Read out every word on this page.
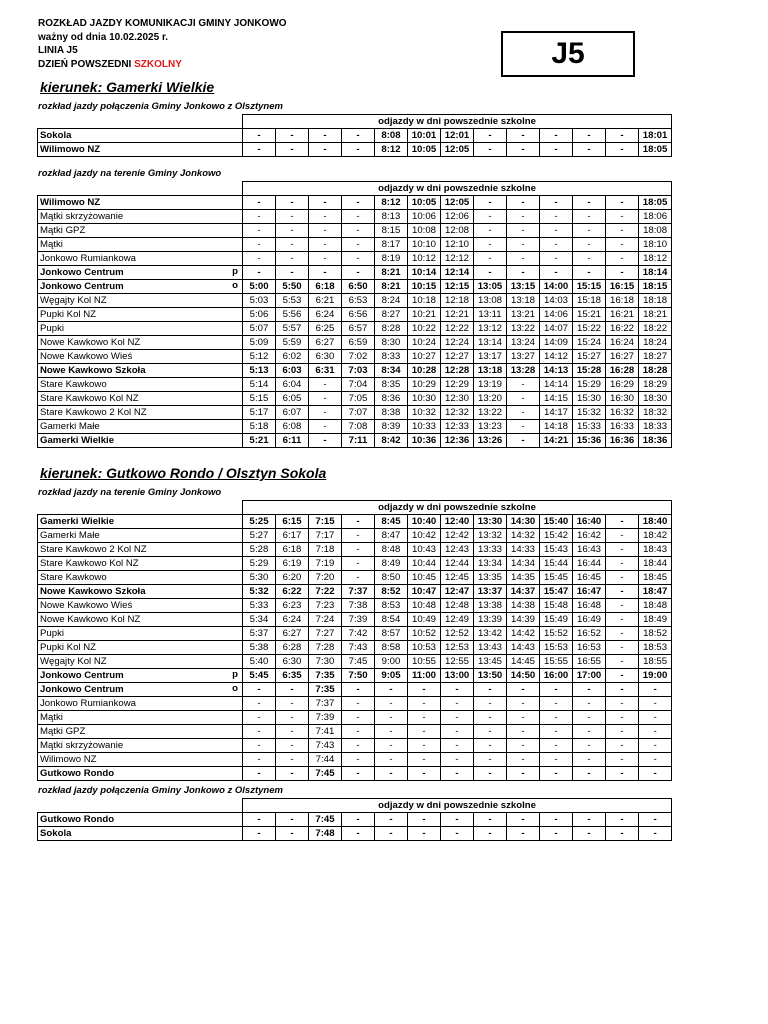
ROZKŁAD JAZDY KOMUNIKACJI GMINY JONKOWO
ważny od dnia 10.02.2025 r.
LINIA J5
DZIEŃ POWSZEDNI SZKOLNY	J5
kierunek: Gamerki Wielkie
rozkład jazdy połączenia Gminy Jonkowo z Olsztynem
	odjazdy w dni powszednie szkolne												
Sokola	-	-	-	-	8:08	10:01	12:01	-	-	-	-	-	18:01
Wilimowo NZ	-	-	-	-	8:12	10:05	12:05	-	-	-	-	-	18:05
rozkład jazdy na terenie Gminy Jonkowo
	odjazdy w dni powszednie szkolne												
Wilimowo NZ	-	-	-	-	8:12	10:05	12:05	-	-	-	-	-	18:05
Mątki skrzyżowanie	-	-	-	-	8:13	10:06	12:06	-	-	-	-	-	18:06
Mątki GPZ	-	-	-	-	8:15	10:08	12:08	-	-	-	-	-	18:08
Mątki	-	-	-	-	8:17	10:10	12:10	-	-	-	-	-	18:10
Jonkowo Rumiankowa	-	-	-	-	8:19	10:12	12:12	-	-	-	-	-	18:12
Jonkowo Centrum p	-	-	-	-	8:21	10:14	12:14	-	-	-	-	-	18:14
Jonkowo Centrum o	5:00	5:50	6:18	6:50	8:21	10:15	12:15	13:05	13:15	14:00	15:15	16:15	18:15
Węgajty Kol NZ	5:03	5:53	6:21	6:53	8:24	10:18	12:18	13:08	13:18	14:03	15:18	16:18	18:18
Pupki Kol NZ	5:06	5:56	6:24	6:56	8:27	10:21	12:21	13:11	13:21	14:06	15:21	16:21	18:21
Pupki	5:07	5:57	6:25	6:57	8:28	10:22	12:22	13:12	13:22	14:07	15:22	16:22	18:22
Nowe Kawkowo Kol NZ	5:09	5:59	6:27	6:59	8:30	10:24	12:24	13:14	13:24	14:09	15:24	16:24	18:24
Nowe Kawkowo Wieś	5:12	6:02	6:30	7:02	8:33	10:27	12:27	13:17	13:27	14:12	15:27	16:27	18:27
Nowe Kawkowo Szkoła	5:13	6:03	6:31	7:03	8:34	10:28	12:28	13:18	13:28	14:13	15:28	16:28	18:28
Stare Kawkowo	5:14	6:04	-	7:04	8:35	10:29	12:29	13:19	-	14:14	15:29	16:29	18:29
Stare Kawkowo Kol NZ	5:15	6:05	-	7:05	8:36	10:30	12:30	13:20	-	14:15	15:30	16:30	18:30
Stare Kawkowo 2 Kol NZ	5:17	6:07	-	7:07	8:38	10:32	12:32	13:22	-	14:17	15:32	16:32	18:32
Gamerki Małe	5:18	6:08	-	7:08	8:39	10:33	12:33	13:23	-	14:18	15:33	16:33	18:33
Gamerki Wielkie	5:21	6:11	-	7:11	8:42	10:36	12:36	13:26	-	14:21	15:36	16:36	18:36
kierunek: Gutkowo Rondo / Olsztyn Sokola
rozkład jazdy na terenie Gminy Jonkowo
	odjazdy w dni powszednie szkolne												
Gamerki Wielkie	5:25	6:15	7:15	-	8:45	10:40	12:40	13:30	14:30	15:40	16:40	-	18:40
Gamerki Małe	5:27	6:17	7:17	-	8:47	10:42	12:42	13:32	14:32	15:42	16:42	-	18:42
Stare Kawkowo 2 Kol NZ	5:28	6:18	7:18	-	8:48	10:43	12:43	13:33	14:33	15:43	16:43	-	18:43
Stare Kawkowo Kol NZ	5:29	6:19	7:19	-	8:49	10:44	12:44	13:34	14:34	15:44	16:44	-	18:44
Stare Kawkowo	5:30	6:20	7:20	-	8:50	10:45	12:45	13:35	14:35	15:45	16:45	-	18:45
Nowe Kawkowo Szkoła	5:32	6:22	7:22	7:37	8:52	10:47	12:47	13:37	14:37	15:47	16:47	-	18:47
Nowe Kawkowo Wieś	5:33	6:23	7:23	7:38	8:53	10:48	12:48	13:38	14:38	15:48	16:48	-	18:48
Nowe Kawkowo Kol NZ	5:34	6:24	7:24	7:39	8:54	10:49	12:49	13:39	14:39	15:49	16:49	-	18:49
Pupki	5:37	6:27	7:27	7:42	8:57	10:52	12:52	13:42	14:42	15:52	16:52	-	18:52
Pupki Kol NZ	5:38	6:28	7:28	7:43	8:58	10:53	12:53	13:43	14:43	15:53	16:53	-	18:53
Węgajty Kol NZ	5:40	6:30	7:30	7:45	9:00	10:55	12:55	13:45	14:45	15:55	16:55	-	18:55
Jonkowo Centrum p	5:45	6:35	7:35	7:50	9:05	11:00	13:00	13:50	14:50	16:00	17:00	-	19:00
Jonkowo Centrum o	-	-	7:35	-	-	-	-	-	-	-	-	-	-
Jonkowo Rumiankowa	-	-	7:37	-	-	-	-	-	-	-	-	-	-
Mątki	-	-	7:39	-	-	-	-	-	-	-	-	-	-
Mątki GPZ	-	-	7:41	-	-	-	-	-	-	-	-	-	-
Mątki skrzyżowanie	-	-	7:43	-	-	-	-	-	-	-	-	-	-
Wilimowo NZ	-	-	7:44	-	-	-	-	-	-	-	-	-	-
Gutkowo Rondo	-	-	7:45	-	-	-	-	-	-	-	-	-	-
rozkład jazdy połączenia Gminy Jonkowo z Olsztynem
	odjazdy w dni powszednie szkolne												
Gutkowo Rondo	-	-	7:45	-	-	-	-	-	-	-	-	-	-
Sokola	-	-	7:48	-	-	-	-	-	-	-	-	-	-
